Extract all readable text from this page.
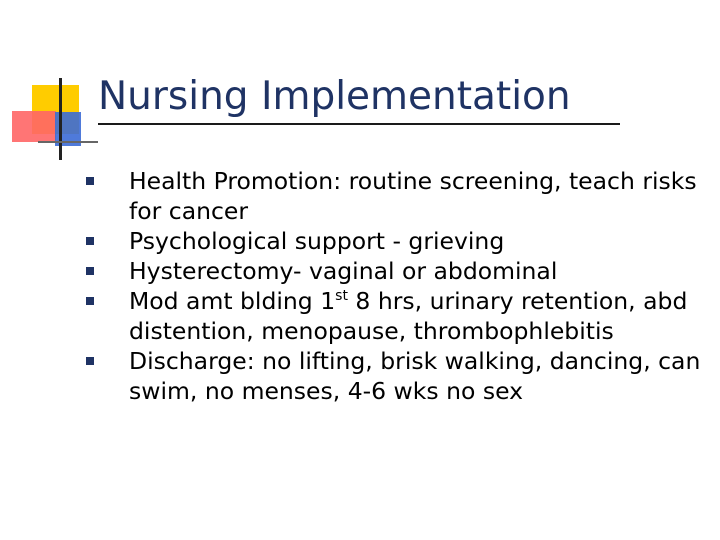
Nursing Implementation
Health Promotion: routine screening, teach risks for cancer
Psychological support - grieving
Hysterectomy- vaginal or abdominal
Mod amt blding 1st 8 hrs, urinary retention, abd distention, menopause, thrombophlebitis
Discharge: no lifting, brisk walking, dancing, can swim, no menses, 4-6 wks no sex
